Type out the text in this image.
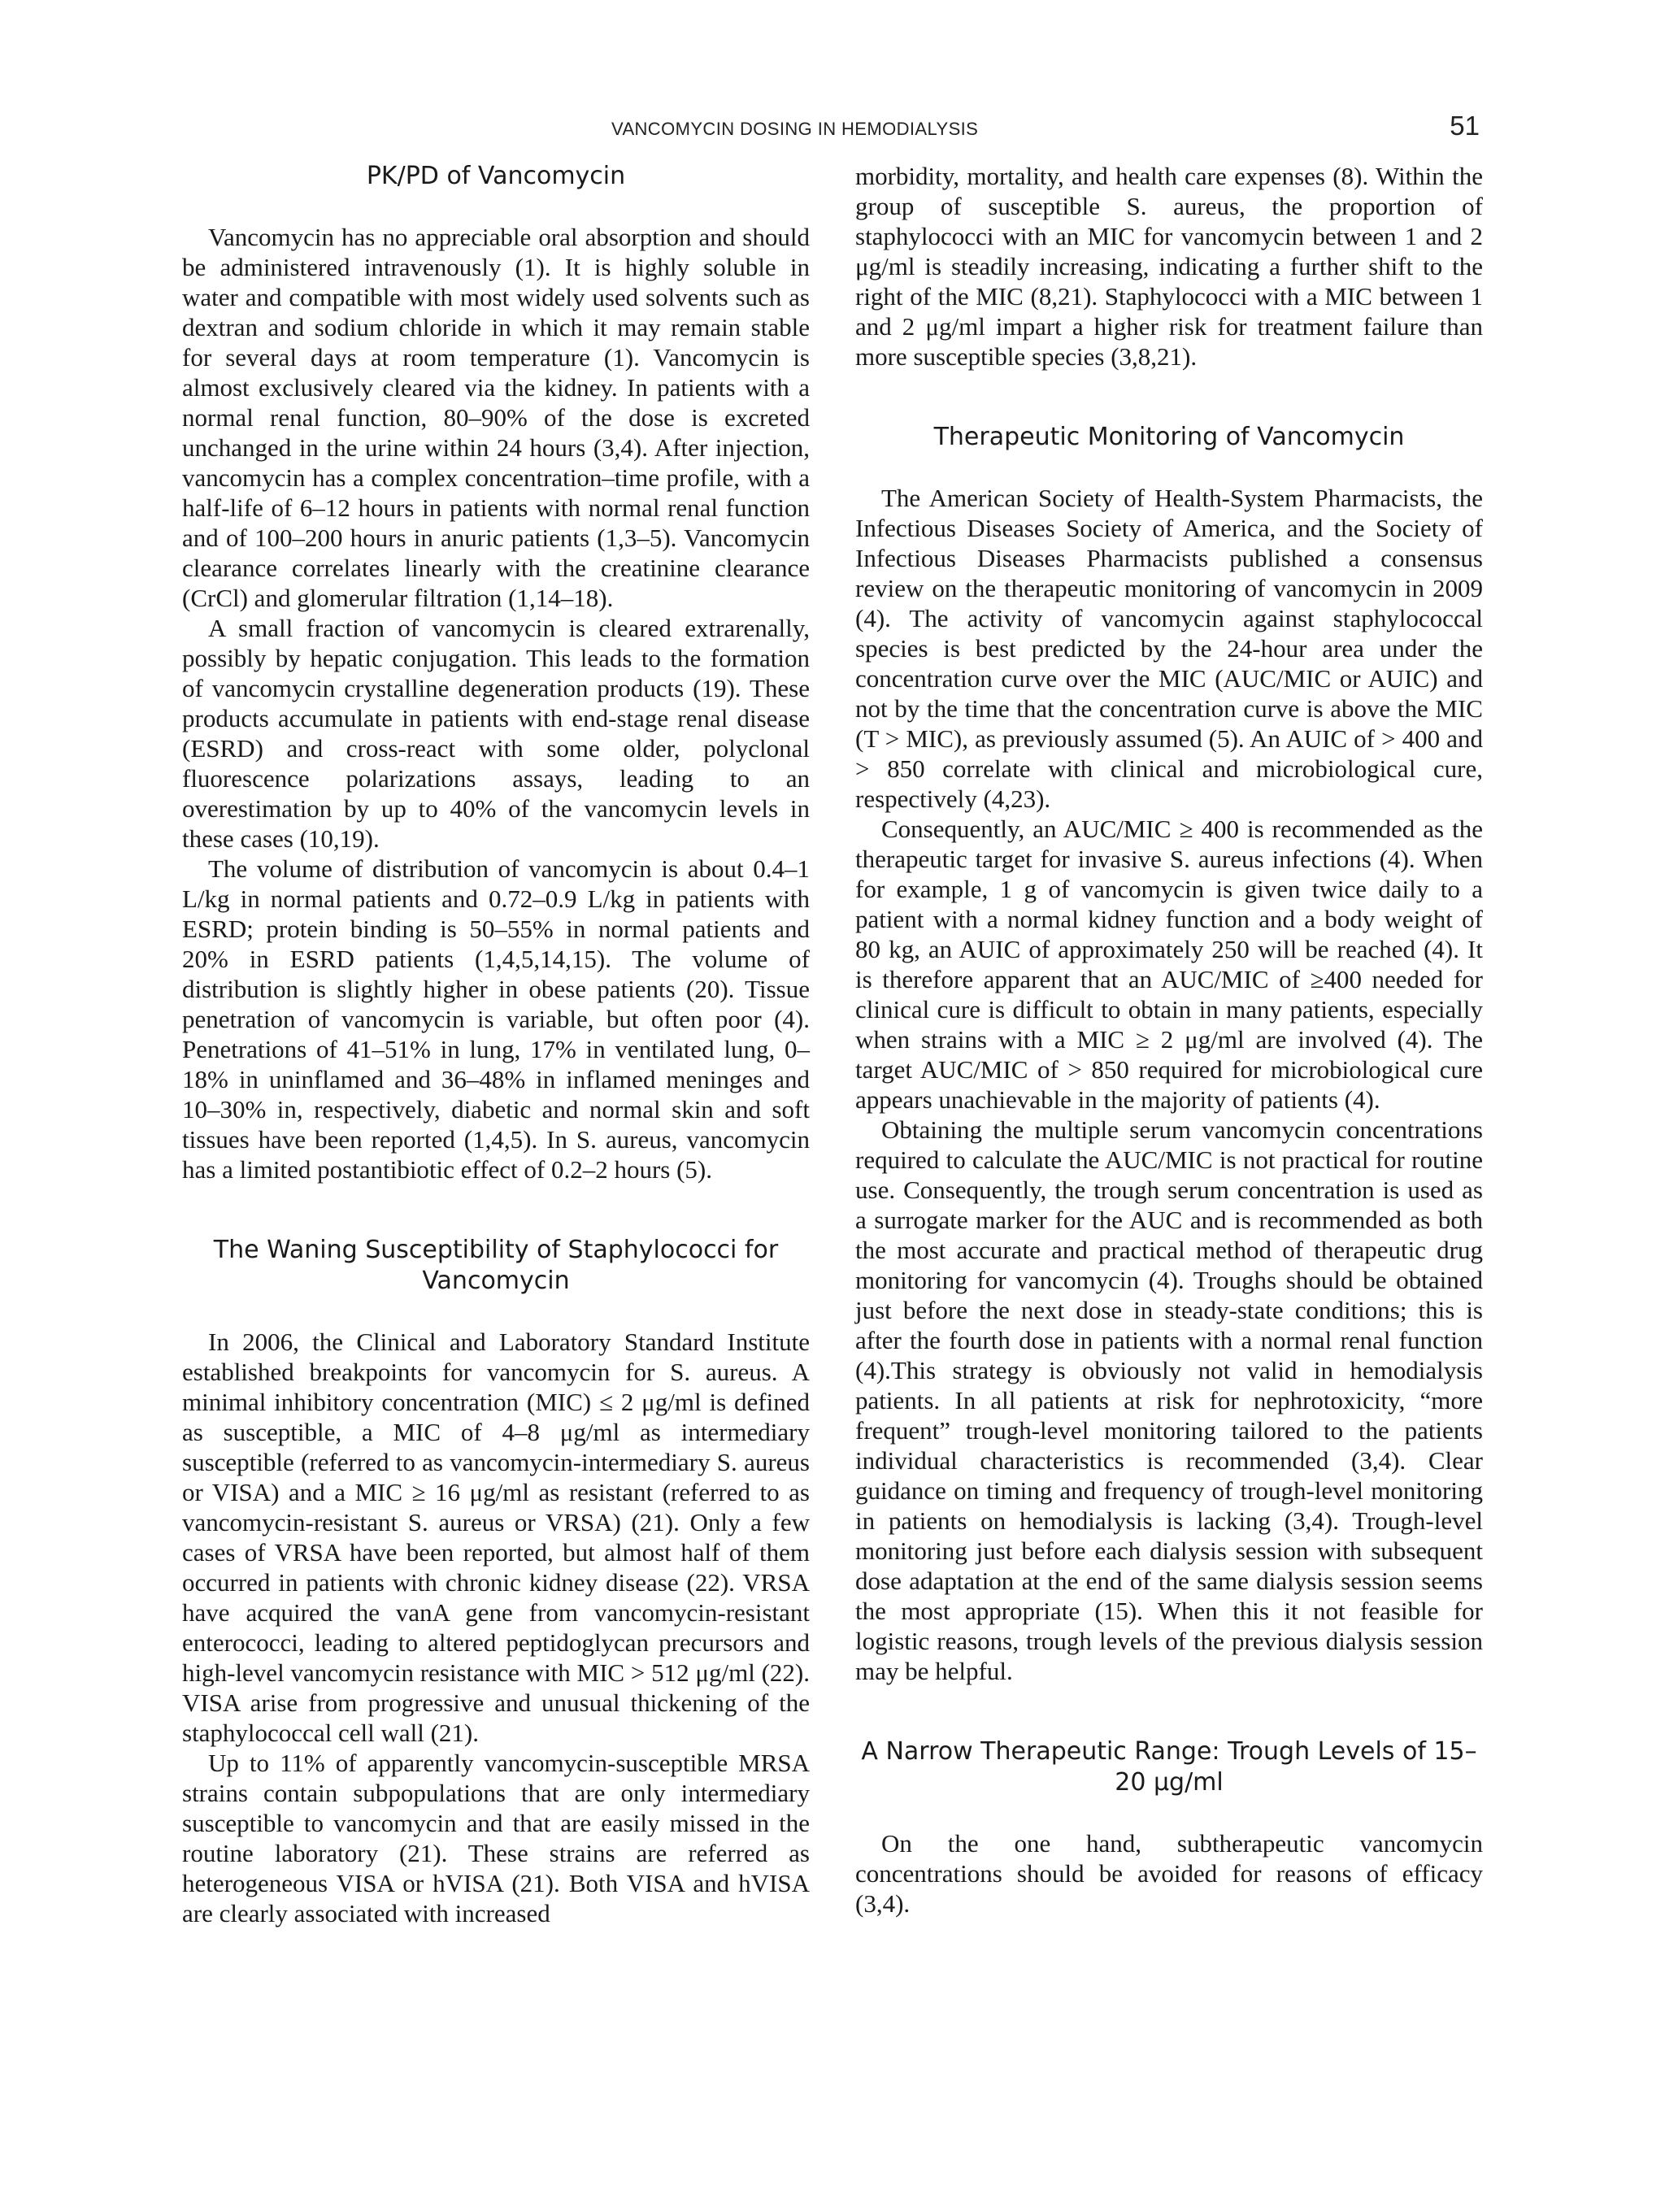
VANCOMYCIN DOSING IN HEMODIALYSIS	51
PK/PD of Vancomycin

Vancomycin has no appreciable oral absorption and should be administered intravenously (1). It is highly soluble in water and compatible with most widely used solvents such as dextran and sodium chloride in which it may remain stable for several days at room temperature (1). Vancomycin is almost exclusively cleared via the kidney. In patients with a normal renal function, 80–90% of the dose is excreted unchanged in the urine within 24 hours (3,4). After injection, vancomycin has a complex concentration–time profile, with a half-life of 6–12 hours in patients with normal renal function and of 100–200 hours in anuric patients (1,3–5). Vancomycin clearance correlates linearly with the creatinine clearance (CrCl) and glomerular filtration (1,14–18).

A small fraction of vancomycin is cleared extrarenally, possibly by hepatic conjugation. This leads to the formation of vancomycin crystalline degeneration products (19). These products accumulate in patients with end-stage renal disease (ESRD) and cross-react with some older, polyclonal fluorescence polarizations assays, leading to an overestimation by up to 40% of the vancomycin levels in these cases (10,19).

The volume of distribution of vancomycin is about 0.4–1 L/kg in normal patients and 0.72–0.9 L/kg in patients with ESRD; protein binding is 50–55% in normal patients and 20% in ESRD patients (1,4,5,14,15). The volume of distribution is slightly higher in obese patients (20). Tissue penetration of vancomycin is variable, but often poor (4). Penetrations of 41–51% in lung, 17% in ventilated lung, 0–18% in uninflamed and 36–48% in inflamed meninges and 10–30% in, respectively, diabetic and normal skin and soft tissues have been reported (1,4,5). In S. aureus, vancomycin has a limited postantibiotic effect of 0.2–2 hours (5).

The Waning Susceptibility of Staphylococci for Vancomycin

In 2006, the Clinical and Laboratory Standard Institute established breakpoints for vancomycin for S. aureus. A minimal inhibitory concentration (MIC) ≤ 2 μg/ml is defined as susceptible, a MIC of 4–8 μg/ml as intermediary susceptible (referred to as vancomycin-intermediary S. aureus or VISA) and a MIC ≥ 16 μg/ml as resistant (referred to as vancomycin-resistant S. aureus or VRSA) (21). Only a few cases of VRSA have been reported, but almost half of them occurred in patients with chronic kidney disease (22). VRSA have acquired the vanA gene from vancomycin-resistant enterococci, leading to altered peptidoglycan precursors and high-level vancomycin resistance with MIC > 512 μg/ml (22). VISA arise from progressive and unusual thickening of the staphylococcal cell wall (21).

Up to 11% of apparently vancomycin-susceptible MRSA strains contain subpopulations that are only intermediary susceptible to vancomycin and that are easily missed in the routine laboratory (21). These strains are referred as heterogeneous VISA or hVISA (21). Both VISA and hVISA are clearly associated with increased

morbidity, mortality, and health care expenses (8). Within the group of susceptible S. aureus, the proportion of staphylococci with an MIC for vancomycin between 1 and 2 μg/ml is steadily increasing, indicating a further shift to the right of the MIC (8,21). Staphylococci with a MIC between 1 and 2 μg/ml impart a higher risk for treatment failure than more susceptible species (3,8,21).

Therapeutic Monitoring of Vancomycin

The American Society of Health-System Pharmacists, the Infectious Diseases Society of America, and the Society of Infectious Diseases Pharmacists published a consensus review on the therapeutic monitoring of vancomycin in 2009 (4). The activity of vancomycin against staphylococcal species is best predicted by the 24-hour area under the concentration curve over the MIC (AUC/MIC or AUIC) and not by the time that the concentration curve is above the MIC (T > MIC), as previously assumed (5). An AUIC of > 400 and > 850 correlate with clinical and microbiological cure, respectively (4,23).

Consequently, an AUC/MIC ≥ 400 is recommended as the therapeutic target for invasive S. aureus infections (4). When for example, 1 g of vancomycin is given twice daily to a patient with a normal kidney function and a body weight of 80 kg, an AUIC of approximately 250 will be reached (4). It is therefore apparent that an AUC/MIC of ≥400 needed for clinical cure is difficult to obtain in many patients, especially when strains with a MIC ≥ 2 μg/ml are involved (4). The target AUC/MIC of > 850 required for microbiological cure appears unachievable in the majority of patients (4).

Obtaining the multiple serum vancomycin concentrations required to calculate the AUC/MIC is not practical for routine use. Consequently, the trough serum concentration is used as a surrogate marker for the AUC and is recommended as both the most accurate and practical method of therapeutic drug monitoring for vancomycin (4). Troughs should be obtained just before the next dose in steady-state conditions; this is after the fourth dose in patients with a normal renal function (4).This strategy is obviously not valid in hemodialysis patients. In all patients at risk for nephrotoxicity, “more frequent” trough-level monitoring tailored to the patients individual characteristics is recommended (3,4). Clear guidance on timing and frequency of trough-level monitoring in patients on hemodialysis is lacking (3,4). Trough-level monitoring just before each dialysis session with subsequent dose adaptation at the end of the same dialysis session seems the most appropriate (15). When this it not feasible for logistic reasons, trough levels of the previous dialysis session may be helpful.

A Narrow Therapeutic Range: Trough Levels of 15–20 μg/ml

On the one hand, subtherapeutic vancomycin concentrations should be avoided for reasons of efficacy (3,4).
